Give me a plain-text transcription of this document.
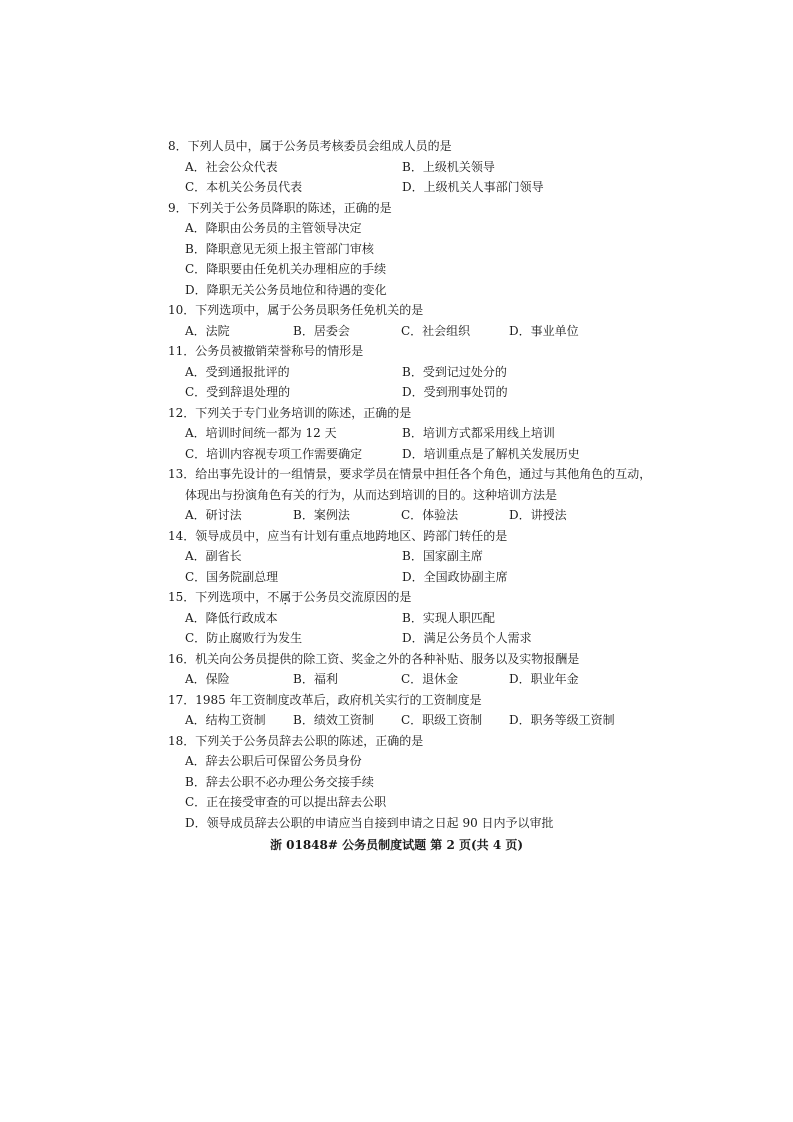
8．下列人员中，属于公务员考核委员会组成人员的是
A．社会公众代表	B．上级机关领导
C．本机关公务员代表	D．上级机关人事部门领导
9．下列关于公务员降职的陈述，正确的是
A．降职由公务员的主管领导决定
B．降职意见无须上报主管部门审核
C．降职要由任免机关办理相应的手续
D．降职无关公务员地位和待遇的变化
10．下列选项中，属于公务员职务任免机关的是
A．法院	B．居委会	C．社会组织	D．事业单位
11．公务员被撤销荣誉称号的情形是
A．受到通报批评的	B．受到记过处分的
C．受到辞退处理的	D．受到刑事处罚的
12．下列关于专门业务培训的陈述，正确的是
A．培训时间统一都为 12 天	B．培训方式都采用线上培训
C．培训内容视专项工作需要确定	D．培训重点是了解机关发展历史
13．给出事先设计的一组情景，要求学员在情景中担任各个角色，通过与其他角色的互动，
体现出与扮演角色有关的行为，从而达到培训的目的。这种培训方法是
A．研讨法	B．案例法	C．体验法	D．讲授法
14．领导成员中，应当有计划有重点地跨地区、跨部门转任的是
A．副省长	B．国家副主席
C．国务院副总理	D．全国政协副主席
15．下列选项中，不属于公务员交流原因的是
A．降低行政成本	B．实现人职匹配
C．防止腐败行为发生	D．满足公务员个人需求
16．机关向公务员提供的除工资、奖金之外的各种补贴、服务以及实物报酬是
A．保险	B．福利	C．退休金	D．职业年金
17．1985 年工资制度改革后，政府机关实行的工资制度是
A．结构工资制	B．绩效工资制	C．职级工资制	D．职务等级工资制
18．下列关于公务员辞去公职的陈述，正确的是
A．辞去公职后可保留公务员身份
B．辞去公职不必办理公务交接手续
C．正在接受审查的可以提出辞去公职
D．领导成员辞去公职的申请应当自接到申请之日起 90 日内予以审批
浙 01848# 公务员制度试题 第 2 页(共 4 页)
